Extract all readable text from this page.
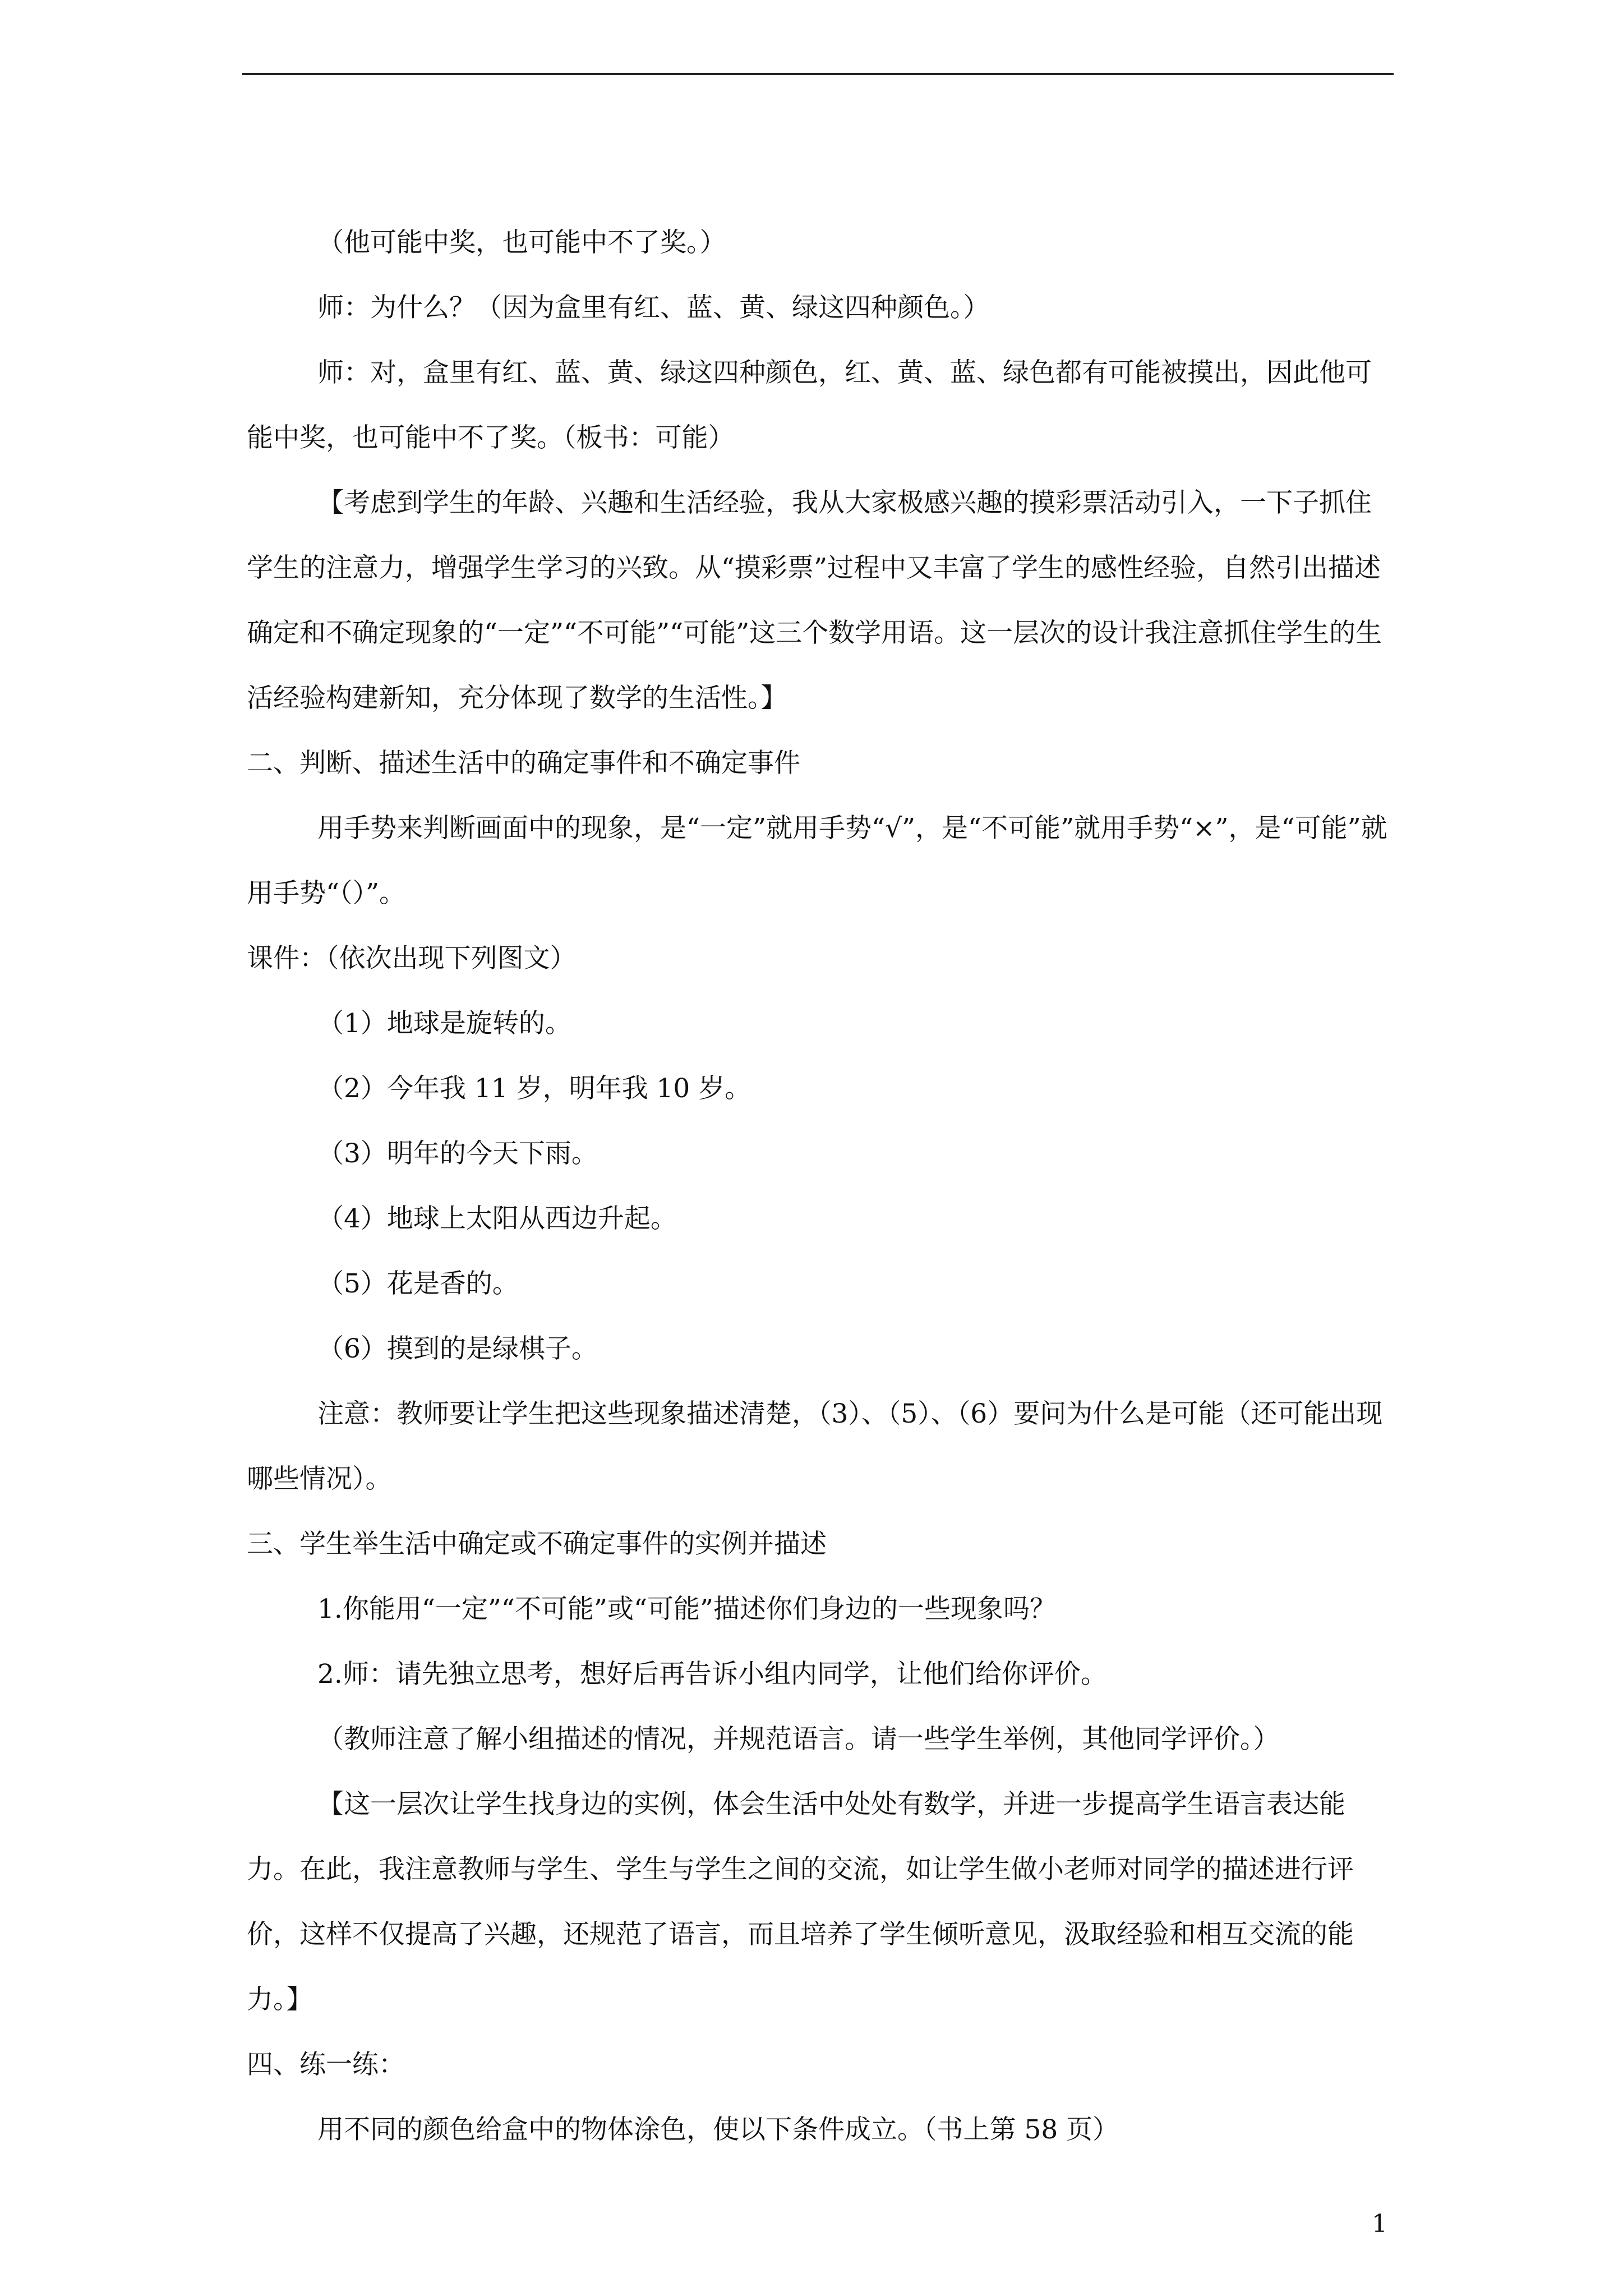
（他可能中奖，也可能中不了奖。）

师：为什么？（因为盒里有红、蓝、黄、绿这四种颜色。）

师：对，盒里有红、蓝、黄、绿这四种颜色，红、黄、蓝、绿色都有可能被摸出，因此他可能中奖，也可能中不了奖。（板书：可能）

【考虑到学生的年龄、兴趣和生活经验，我从大家极感兴趣的摸彩票活动引入，一下子抓住学生的注意力，增强学生学习的兴致。从“摸彩票”过程中又丰富了学生的感性经验，自然引出描述确定和不确定现象的“一定”“不可能”“可能”这三个数学用语。这一层次的设计我注意抓住学生的生活经验构建新知，充分体现了数学的生活性。】

二、判断、描述生活中的确定事件和不确定事件

用手势来判断画面中的现象，是“一定”就用手势“√”，是“不可能”就用手势“×”，是“可能”就用手势“（）”。

课件：（依次出现下列图文）

（1）地球是旋转的。

（2）今年我 11 岁，明年我 10 岁。

（3）明年的今天下雨。

（4）地球上太阳从西边升起。

（5）花是香的。

（6）摸到的是绿棋子。

注意：教师要让学生把这些现象描述清楚，（3）、（5）、（6）要问为什么是可能（还可能出现哪些情况）。

三、学生举生活中确定或不确定事件的实例并描述

1.你能用“一定”“不可能”或“可能”描述你们身边的一些现象吗？

2.师：请先独立思考，想好后再告诉小组内同学，让他们给你评价。

（教师注意了解小组描述的情况，并规范语言。请一些学生举例，其他同学评价。）

【这一层次让学生找身边的实例，体会生活中处处有数学，并进一步提高学生语言表达能力。在此，我注意教师与学生、学生与学生之间的交流，如让学生做小老师对同学的描述进行评价，这样不仅提高了兴趣，还规范了语言，而且培养了学生倾听意见，汲取经验和相互交流的能力。】

四、练一练：

用不同的颜色给盒中的物体涂色，使以下条件成立。（书上第 58 页）

1
